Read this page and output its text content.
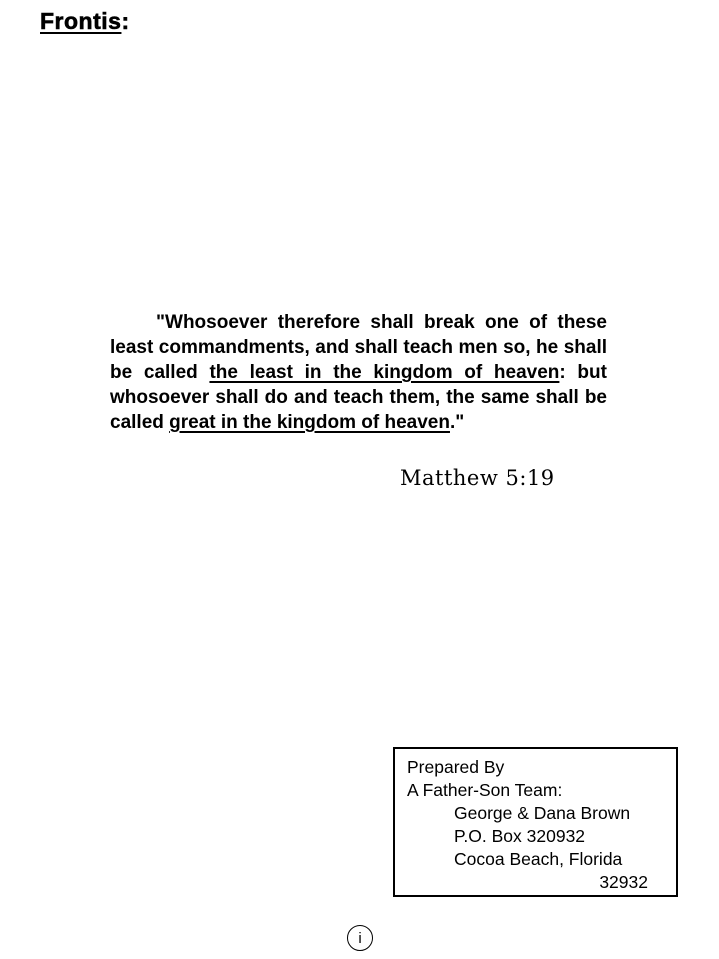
Frontis:

"Whosoever therefore shall break one of these least commandments, and shall teach men so, he shall be called the least in the kingdom of heaven: but whosoever shall do and teach them, the same shall be called great in the kingdom of heaven."

Matthew 5:19
Prepared By
A Father-Son Team:
George & Dana Brown
P.O. Box 320932
Cocoa Beach, Florida
32932
i
